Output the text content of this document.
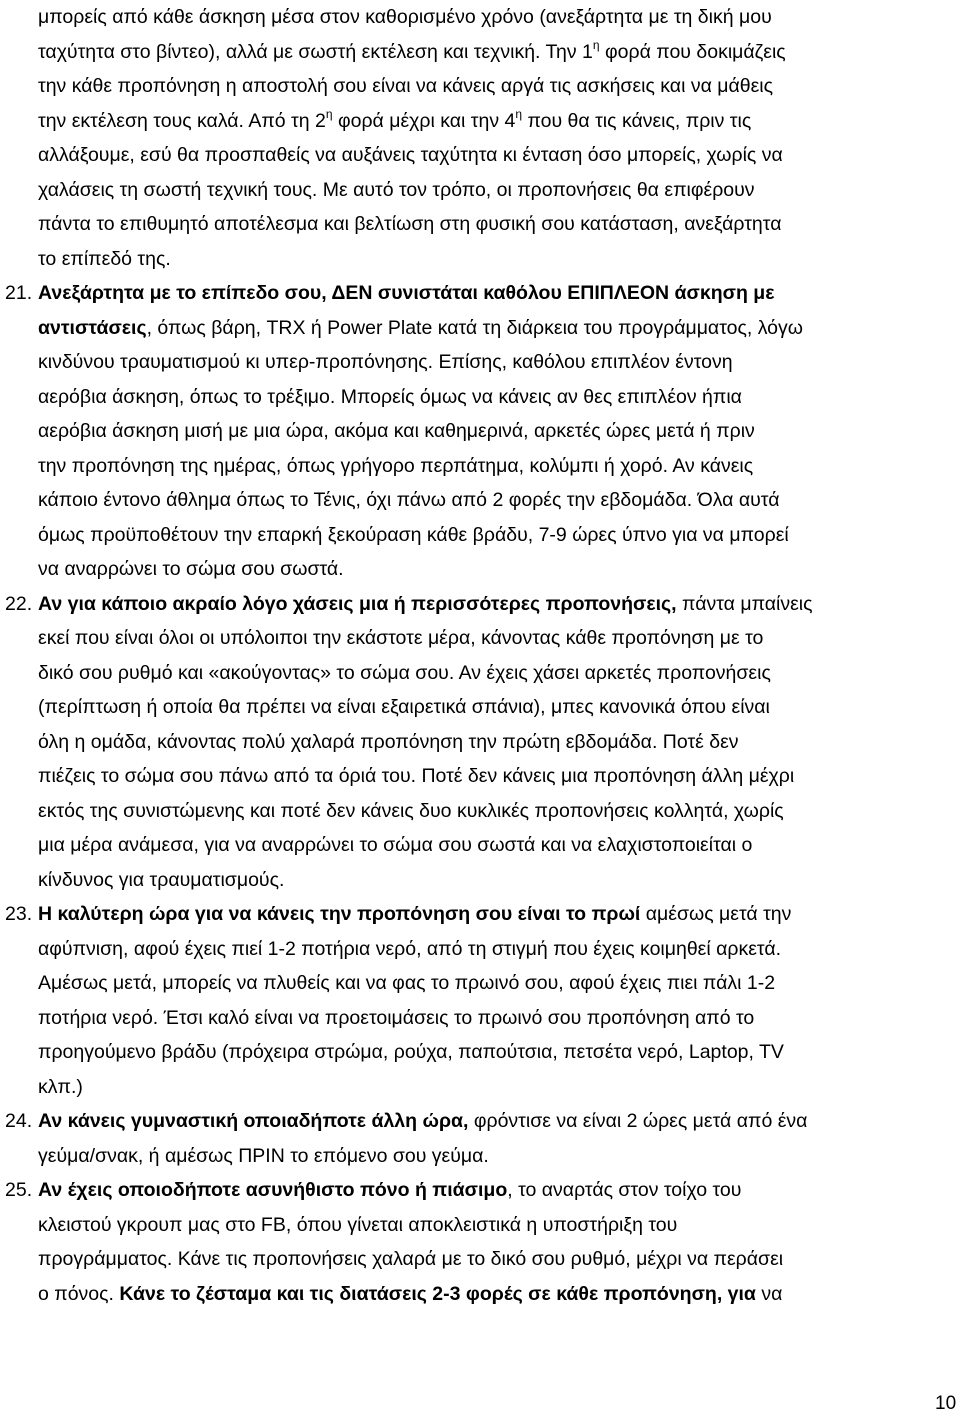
μπορείς από κάθε άσκηση μέσα στον καθορισμένο χρόνο (ανεξάρτητα με τη δική μου
ταχύτητα στο βίντεο), αλλά με σωστή εκτέλεση και τεχνική. Την $1^\eta$ φορά που δοκιμάζεις
την κάθε προπόνηση η αποστολή σου είναι να κάνεις αργά τις ασκήσεις και να μάθεις
την εκτέλεση τους καλά. Από τη $2^\eta$ φορά μέχρι και την $4^\eta$ που θα τις κάνεις, πριν τις
αλλάξουμε, εσύ θα προσπαθείς να αυξάνεις ταχύτητα κι ένταση όσο μπορείς, χωρίς να
χαλάσεις τη σωστή τεχνική τους. Με αυτό τον τρόπο, οι προπονήσεις θα επιφέρουν
πάντα το επιθυμητό αποτέλεσμα και βελτίωση στη φυσική σου κατάσταση, ανεξάρτητα
το επίπεδό της.

21. Ανεξάρτητα με το επίπεδο σου, ΔΕΝ συνιστάται καθόλου ΕΠΙΠΛΕΟΝ άσκηση με
αντιστάσεις, όπως βάρη, TRX ή Power Plate κατά τη διάρκεια του προγράμματος, λόγω
κινδύνου τραυματισμού κι υπερ-προπόνησης. Επίσης, καθόλου επιπλέον έντονη
αερόβια άσκηση, όπως το τρέξιμο. Μπορείς όμως να κάνεις αν θες επιπλέον ήπια
αερόβια άσκηση μισή με μια ώρα, ακόμα και καθημερινά, αρκετές ώρες μετά ή πριν
την προπόνηση της ημέρας, όπως γρήγορο περπάτημα, κολύμπι ή χορό. Αν κάνεις
κάποιο έντονο άθλημα όπως το Τένις, όχι πάνω από 2 φορές την εβδομάδα. Όλα αυτά
όμως προϋποθέτουν την επαρκή ξεκούραση κάθε βράδυ, 7-9 ώρες ύπνο για να μπορεί
να αναρρώνει το σώμα σου σωστά.
22. Αν για κάποιο ακραίο λόγο χάσεις μια ή περισσότερες προπονήσεις, πάντα μπαίνεις
εκεί που είναι όλοι οι υπόλοιποι την εκάστοτε μέρα, κάνοντας κάθε προπόνηση με το
δικό σου ρυθμό και «ακούγοντας» το σώμα σου. Αν έχεις χάσει αρκετές προπονήσεις
(περίπτωση ή οποία θα πρέπει να είναι εξαιρετικά σπάνια), μπες κανονικά όπου είναι
όλη η ομάδα, κάνοντας πολύ χαλαρά προπόνηση την πρώτη εβδομάδα. Ποτέ δεν
πιέζεις το σώμα σου πάνω από τα όριά του. Ποτέ δεν κάνεις μια προπόνηση άλλη μέχρι
εκτός της συνιστώμενης και ποτέ δεν κάνεις δυο κυκλικές προπονήσεις κολλητά, χωρίς
μια μέρα ανάμεσα, για να αναρρώνει το σώμα σου σωστά και να ελαχιστοποιείται ο
κίνδυνος για τραυματισμούς.
23. Η καλύτερη ώρα για να κάνεις την προπόνηση σου είναι το πρωί αμέσως μετά την
αφύπνιση, αφού έχεις πιεί 1-2 ποτήρια νερό, από τη στιγμή που έχεις κοιμηθεί αρκετά.
Αμέσως μετά, μπορείς να πλυθείς και να φας το πρωινό σου, αφού έχεις πιει πάλι 1-2
ποτήρια νερό. Έτσι καλό είναι να προετοιμάσεις το πρωινό σου προπόνηση από το
προηγούμενο βράδυ (πρόχειρα στρώμα, ρούχα, παπούτσια, πετσέτα νερό, Laptop, TV
κλπ.)
24. Αν κάνεις γυμναστική οποιαδήποτε άλλη ώρα, φρόντισε να είναι 2 ώρες μετά από ένα
γεύμα/σνακ, ή αμέσως ΠΡΙΝ το επόμενο σου γεύμα.
25. Αν έχεις οποιοδήποτε ασυνήθιστο πόνο ή πιάσιμο, το αναρτάς στον τοίχο του
κλειστού γκρουπ μας στο FB, όπου γίνεται αποκλειστικά η υποστήριξη του
προγράμματος. Κάνε τις προπονήσεις χαλαρά με το δικό σου ρυθμό, μέχρι να περάσει
ο πόνος. Κάνε το ζέσταμα και τις διατάσεις 2-3 φορές σε κάθε προπόνηση, για να
10
